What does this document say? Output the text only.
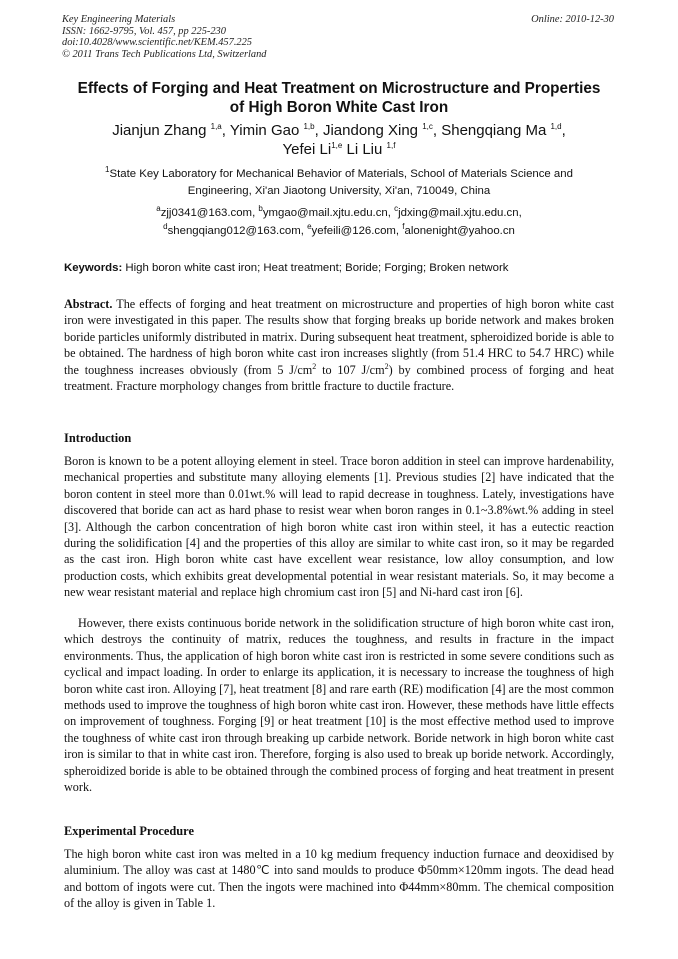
Key Engineering Materials
ISSN: 1662-9795, Vol. 457, pp 225-230
doi:10.4028/www.scientific.net/KEM.457.225
© 2011 Trans Tech Publications Ltd, Switzerland
Online: 2010-12-30
Effects of Forging and Heat Treatment on Microstructure and Properties
of High Boron White Cast Iron
Jianjun Zhang $^{1,a}$, Yimin Gao $^{1,b}$, Jiandong Xing $^{1,c}$, Shengqiang Ma $^{1,d}$,
Yefei Li$^{1,e}$ Li Liu $^{1,f}$
$^1$State Key Laboratory for Mechanical Behavior of Materials, School of Materials Science and
Engineering, Xi'an Jiaotong University, Xi'an, 710049, China
$^a$zjj0341@163.com, $^b$ymgao@mail.xjtu.edu.cn, $^c$jdxing@mail.xjtu.edu.cn,
$^d$shengqiang012@163.com, $^e$yefeili@126.com, $^f$alonenight@yahoo.cn
Keywords: High boron white cast iron; Heat treatment; Boride; Forging; Broken network
Abstract. The effects of forging and heat treatment on microstructure and properties of high boron white cast iron were investigated in this paper. The results show that forging breaks up boride network and makes broken boride particles uniformly distributed in matrix. During subsequent heat treatment, spheroidized boride is able to be obtained. The hardness of high boron white cast iron increases slightly (from 51.4 HRC to 54.7 HRC) while the toughness increases obviously (from 5 $J/cm^2$ to 107 $J/cm^2$) by combined process of forging and heat treatment. Fracture morphology changes from brittle fracture to ductile fracture.
Introduction
Boron is known to be a potent alloying element in steel. Trace boron addition in steel can improve hardenability, mechanical properties and substitute many alloying elements [1]. Previous studies [2] have indicated that the boron content in steel more than 0.01wt.% will lead to rapid decrease in toughness. Lately, investigations have discovered that boride can act as hard phase to resist wear when boron ranges in 0.1~3.8%wt.% adding in steel [3]. Although the carbon concentration of high boron white cast iron within steel, it has a eutectic reaction during the solidification [4] and the properties of this alloy are similar to white cast iron, so it may be regarded as the cast iron. High boron white cast have excellent wear resistance, low alloy consumption, and low production costs, which exhibits great developmental potential in wear resistant materials. So, it may become a new wear resistant material and replace high chromium cast iron [5] and Ni-hard cast iron [6].
However, there exists continuous boride network in the solidification structure of high boron white cast iron, which destroys the continuity of matrix, reduces the toughness, and results in fracture in the impact environments. Thus, the application of high boron white cast iron is restricted in some severe conditions such as cyclical and impact loading. In order to enlarge its application, it is necessary to increase the toughness of high boron white cast iron. Alloying [7], heat treatment [8] and rare earth (RE) modification [4] are the most common methods used to improve the toughness of high boron white cast iron. However, these methods have little effects on improvement of toughness. Forging [9] or heat treatment [10] is the most effective method used to improve the toughness of white cast iron through breaking up carbide network. Boride network in high boron white cast iron is similar to that in white cast iron. Therefore, forging is also used to break up boride network. Accordingly, spheroidized boride is able to be obtained through the combined process of forging and heat treatment in present work.
Experimental Procedure
The high boron white cast iron was melted in a 10 kg medium frequency induction furnace and deoxidised by aluminium. The alloy was cast at 1480℃ into sand moulds to produce Φ50mm×120mm ingots. The dead head and bottom of ingots were cut. Then the ingots were machined into Φ44mm×80mm. The chemical composition of the alloy is given in Table 1.
